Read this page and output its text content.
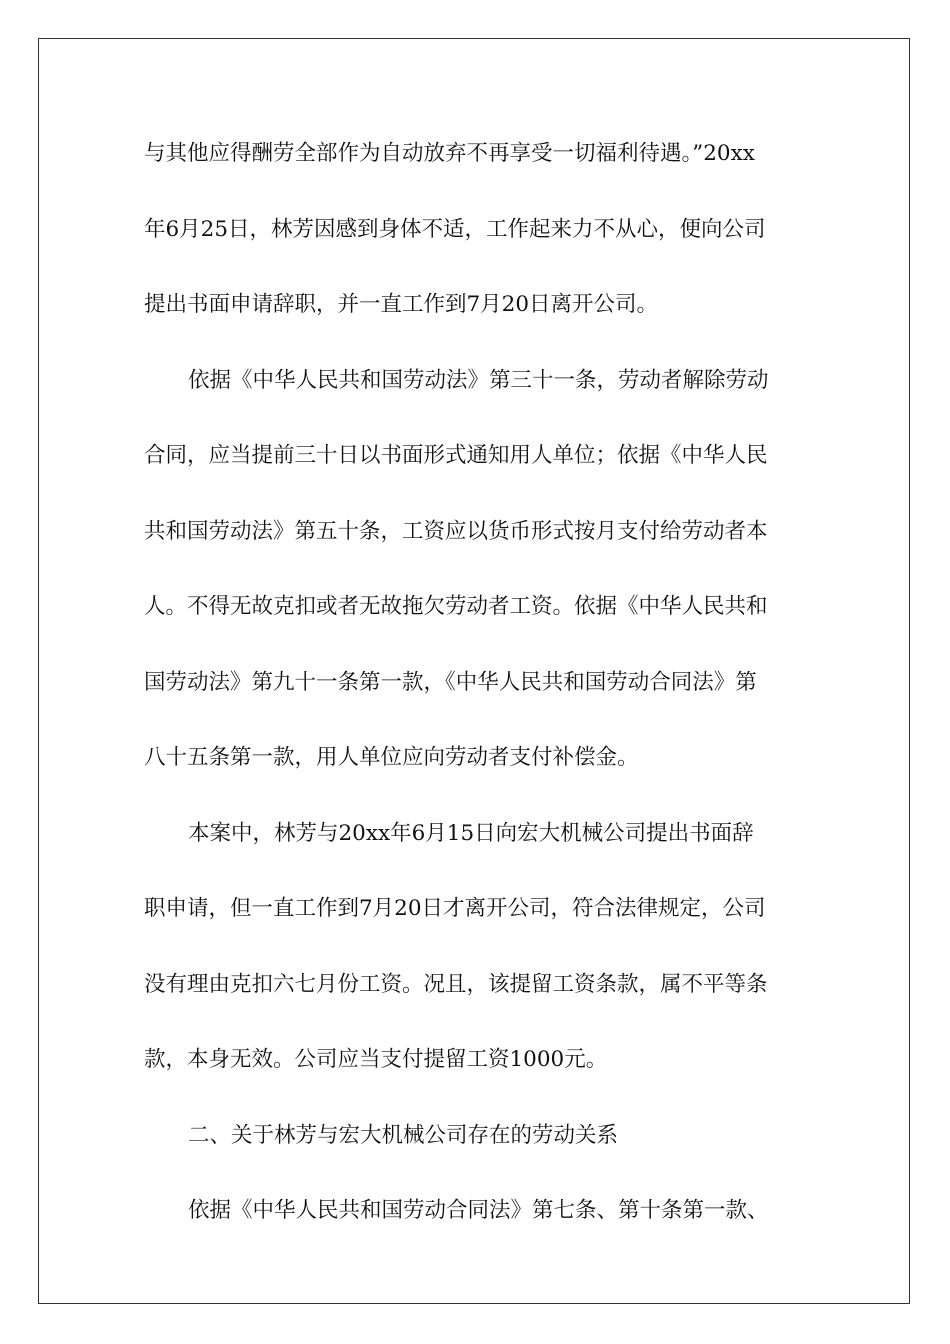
与其他应得酬劳全部作为自动放弃不再享受一切福利待遇。”20xx
年6月25日，林芳因感到身体不适，工作起来力不从心，便向公司
提出书面申请辞职，并一直工作到7月20日离开公司。
依据《中华人民共和国劳动法》第三十一条，劳动者解除劳动
合同，应当提前三十日以书面形式通知用人单位；依据《中华人民
共和国劳动法》第五十条，工资应以货币形式按月支付给劳动者本
人。不得无故克扣或者无故拖欠劳动者工资。依据《中华人民共和
国劳动法》第九十一条第一款，《中华人民共和国劳动合同法》第
八十五条第一款，用人单位应向劳动者支付补偿金。
本案中，林芳与20xx年6月15日向宏大机械公司提出书面辞
职申请，但一直工作到7月20日才离开公司，符合法律规定，公司
没有理由克扣六七月份工资。况且，该提留工资条款，属不平等条
款，本身无效。公司应当支付提留工资1000元。
二、关于林芳与宏大机械公司存在的劳动关系
依据《中华人民共和国劳动合同法》第七条、第十条第一款、
